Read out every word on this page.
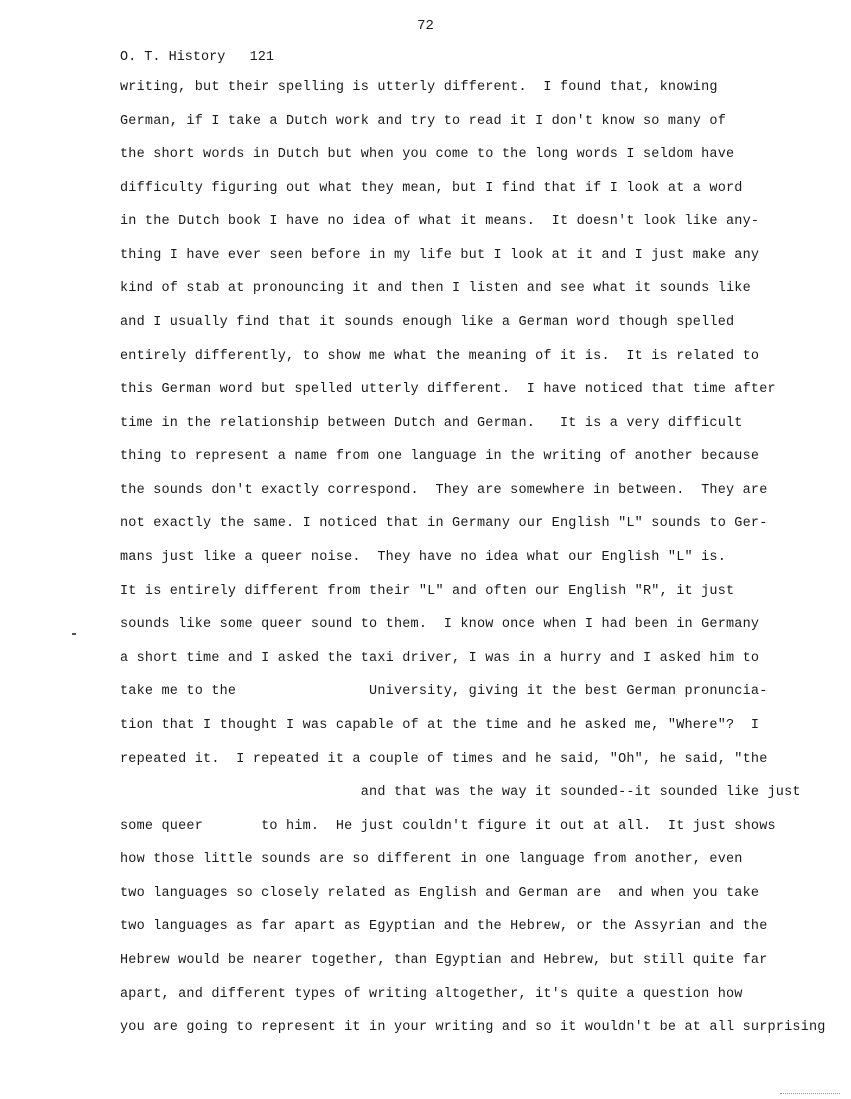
72
O. T. History   121
writing, but their spelling is utterly different.  I found that, knowing
German, if I take a Dutch work and try to read it I don't know so many of
the short words in Dutch but when you come to the long words I seldom have
difficulty figuring out what they mean, but I find that if I look at a word
in the Dutch book I have no idea of what it means.  It doesn't look like any-
thing I have ever seen before in my life but I look at it and I just make any
kind of stab at pronouncing it and then I listen and see what it sounds like
and I usually find that it sounds enough like a German word though spelled
entirely differently, to show me what the meaning of it is.  It is related to
this German word but spelled utterly different.  I have noticed that time after
time in the relationship between Dutch and German.   It is a very difficult
thing to represent a name from one language in the writing of another because
the sounds don't exactly correspond.  They are somewhere in between.  They are
not exactly the same. I noticed that in Germany our English "L" sounds to Ger-
mans just like a queer noise.  They have no idea what our English "L" is.
It is entirely different from their "L" and often our English "R", it just
sounds like some queer sound to them.  I know once when I had been in Germany
a short time and I asked the taxi driver, I was in a hurry and I asked him to
take me to the                University, giving it the best German pronuncia-
tion that I thought I was capable of at the time and he asked me, "Where"?  I
repeated it.  I repeated it a couple of times and he said, "Oh", he said, "the
and that was the way it sounded--it sounded like just
some queer       to him.  He just couldn't figure it out at all.  It just shows
how those little sounds are so different in one language from another, even
two languages so closely related as English and German are  and when you take
two languages as far apart as Egyptian and the Hebrew, or the Assyrian and the
Hebrew would be nearer together, than Egyptian and Hebrew, but still quite far
apart, and different types of writing altogether, it's quite a question how
you are going to represent it in your writing and so it wouldn't be at all surprising
